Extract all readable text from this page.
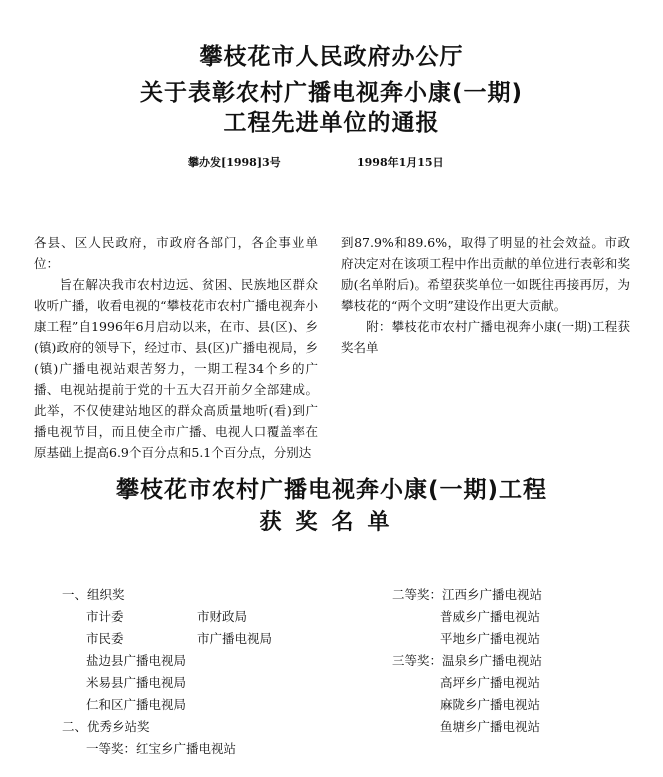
攀枝花市人民政府办公厅
关于表彰农村广播电视奔小康(一期)
工程先进单位的通报
攀办发[1998]3号	1998年1月15日

各县、区人民政府，市政府各部门，各企事业单位：
旨在解决我市农村边远、贫困、民族地区群众收听广播，收看电视的“攀枝花市农村广播电视奔小康工程”自1996年6月启动以来，在市、县(区)、乡(镇)政府的领导下，经过市、县(区)广播电视局，乡(镇)广播电视站艰苦努力，一期工程34个乡的广播、电视站提前于党的十五大召开前夕全部建成。此举，不仅使建站地区的群众高质量地听(看)到广播电视节目，而且使全市广播、电视人口覆盖率在原基础上提高6.9个百分点和5.1个百分点，分别达

到87.9%和89.6%，取得了明显的社会效益。市政府决定对在该项工程中作出贡献的单位进行表彰和奖励(名单附后)。希望获奖单位一如既往再接再厉，为攀枝花的“两个文明”建设作出更大贡献。
附：攀枝花市农村广播电视奔小康(一期)工程获奖名单

攀枝花市农村广播电视奔小康(一期)工程
获奖名单
一、组织奖
市计委	市财政局
市民委	市广播电视局
盐边县广播电视局
米易县广播电视局
仁和区广播电视局
二、优秀乡站奖
一等奖：红宝乡广播电视站
二等奖：江西乡广播电视站
普威乡广播电视站
平地乡广播电视站
三等奖：温泉乡广播电视站
高坪乡广播电视站
麻陇乡广播电视站
鱼塘乡广播电视站
